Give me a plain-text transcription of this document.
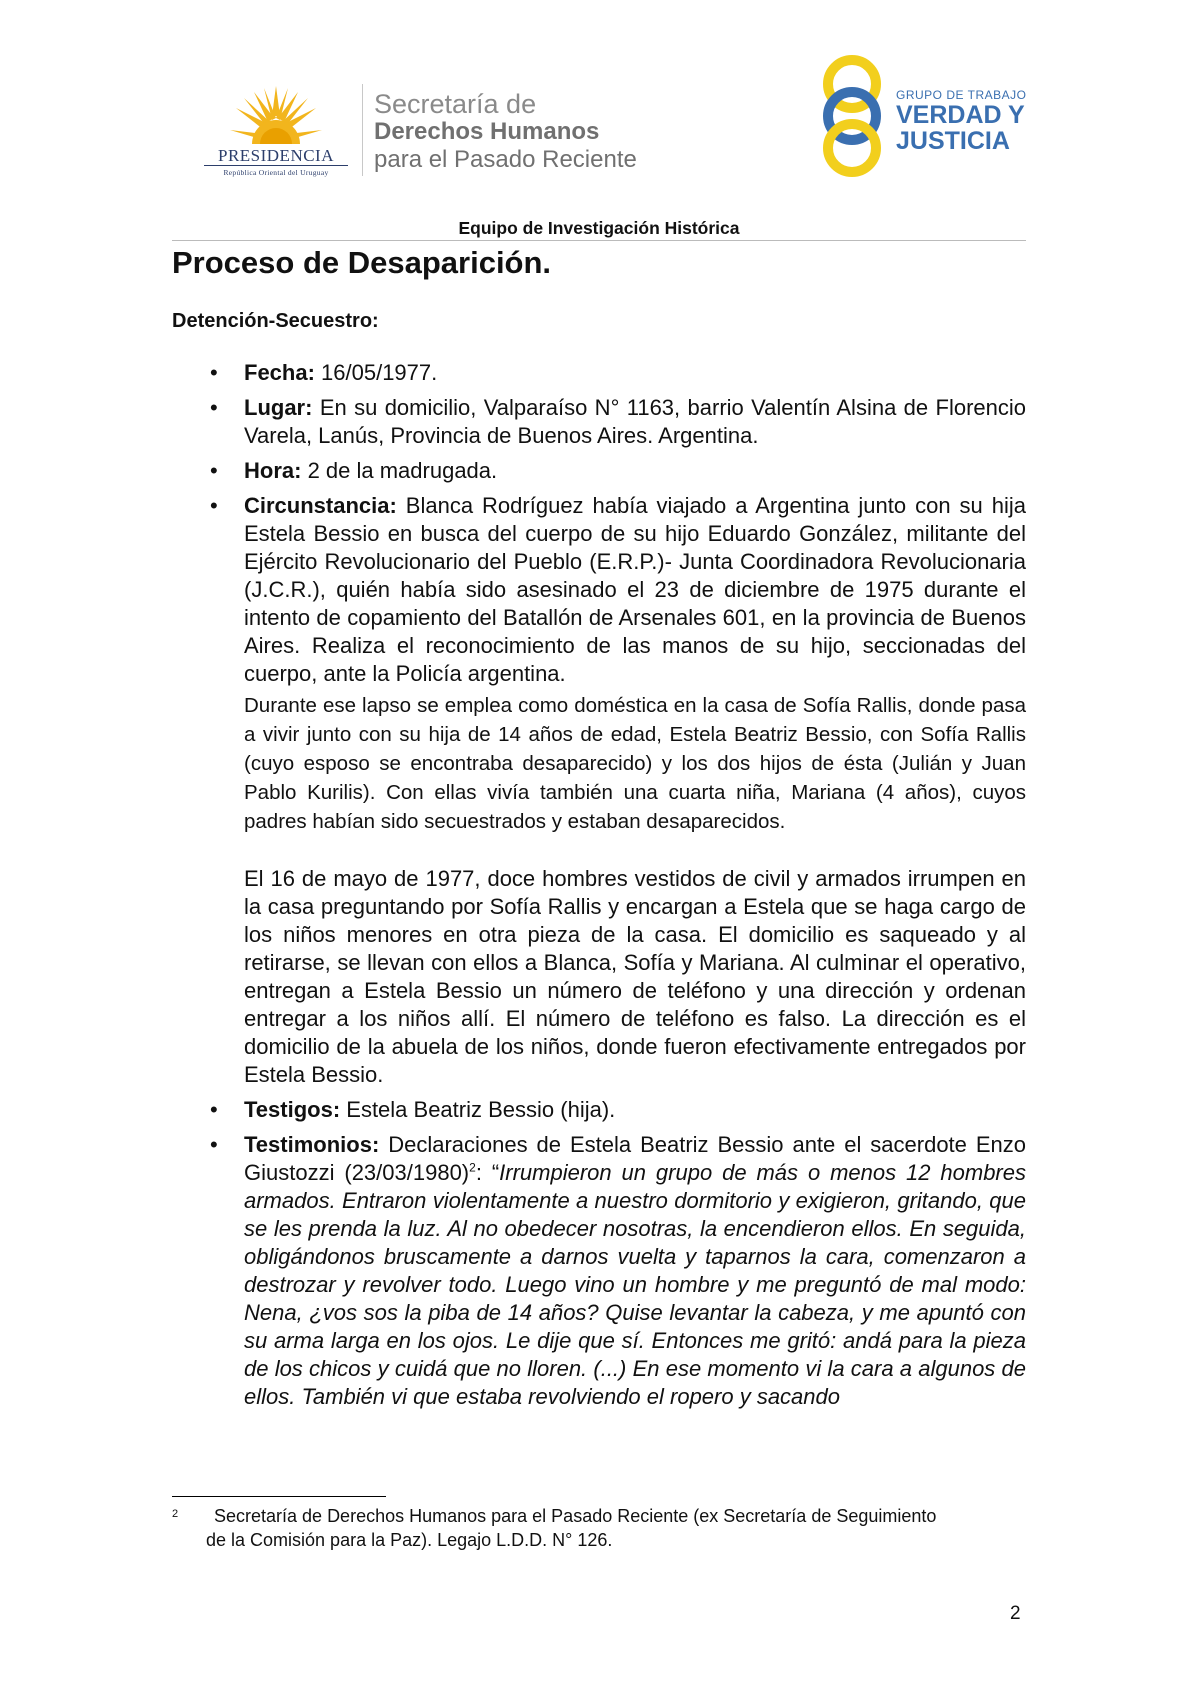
PRESIDENCIA
República Oriental del Uruguay
Secretaría de
Derechos Humanos
para el Pasado Reciente
GRUPO DE TRABAJO
VERDAD Y
JUSTICIA
Equipo de Investigación Histórica
Proceso de Desaparición.
Detención-Secuestro:
• Fecha: 16/05/1977.
• Lugar: En su domicilio, Valparaíso N° 1163, barrio Valentín Alsina de Florencio Varela, Lanús, Provincia de Buenos Aires. Argentina.
• Hora: 2 de la madrugada.
• Circunstancia: Blanca Rodríguez había viajado a Argentina junto con su hija Estela Bessio en busca del cuerpo de su hijo Eduardo González, militante del Ejército Revolucionario del Pueblo (E.R.P.)- Junta Coordinadora Revolucionaria (J.C.R.), quién había sido asesinado el 23 de diciembre de 1975 durante el intento de copamiento del Batallón de Arsenales 601, en la provincia de Buenos Aires. Realiza el reconocimiento de las manos de su hijo, seccionadas del cuerpo, ante la Policía argentina.
Durante ese lapso se emplea como doméstica en la casa de Sofía Rallis, donde pasa a vivir junto con su hija de 14 años de edad, Estela Beatriz Bessio, con Sofía Rallis (cuyo esposo se encontraba desaparecido) y los dos hijos de ésta (Julián y Juan Pablo Kurilis). Con ellas vivía también una cuarta niña, Mariana (4 años), cuyos padres habían sido secuestrados y estaban desaparecidos.
El 16 de mayo de 1977, doce hombres vestidos de civil y armados irrumpen en la casa preguntando por Sofía Rallis y encargan a Estela que se haga cargo de los niños menores en otra pieza de la casa. El domicilio es saqueado y al retirarse, se llevan con ellos a Blanca, Sofía y Mariana. Al culminar el operativo, entregan a Estela Bessio un número de teléfono y una dirección y ordenan entregar a los niños allí. El número de teléfono es falso. La dirección es el domicilio de la abuela de los niños, donde fueron efectivamente entregados por Estela Bessio.
• Testigos: Estela Beatriz Bessio (hija).
• Testimonios: Declaraciones de Estela Beatriz Bessio ante el sacerdote Enzo Giustozzi $(23/03/1980)^2$: “Irrumpieron un grupo de más o menos 12 hombres armados. Entraron violentamente a nuestro dormitorio y exigieron, gritando, que se les prenda la luz. Al no obedecer nosotras, la encendieron ellos. En seguida, obligándonos bruscamente a darnos vuelta y taparnos la cara, comenzaron a destrozar y revolver todo. Luego vino un hombre y me preguntó de mal modo: Nena, ¿vos sos la piba de 14 años? Quise levantar la cabeza, y me apuntó con su arma larga en los ojos. Le dije que sí. Entonces me gritó: andá para la pieza de los chicos y cuidá que no lloren. (...) En ese momento vi la cara a algunos de ellos. También vi que estaba revolviendo el ropero y sacando
2	Secretaría de Derechos Humanos para el Pasado Reciente (ex Secretaría de Seguimiento
de la Comisión para la Paz). Legajo L.D.D. N° 126.
2
